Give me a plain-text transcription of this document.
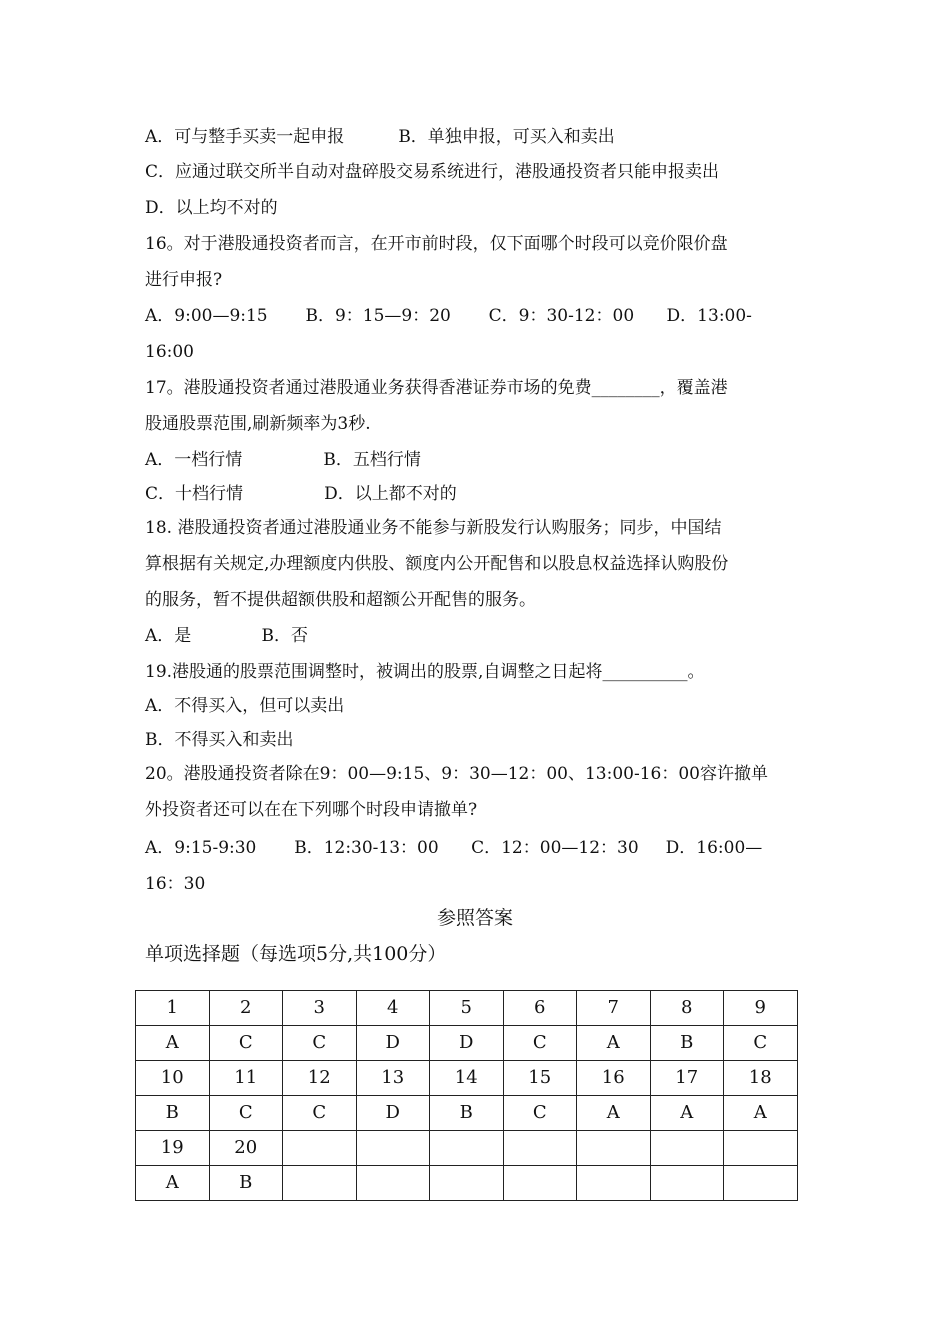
A．可与整手买卖一起申报          B．单独申报，可买入和卖出
C．应通过联交所半自动对盘碎股交易系统进行，港股通投资者只能申报卖出
D．以上均不对的
16。对于港股通投资者而言，在开市前时段，仅下面哪个时段可以竞价限价盘
进行申报?
A．9:00—9:15       B．9：15—9：20       C．9：30-12：00      D．13:00-
16:00
17。港股通投资者通过港股通业务获得香港证券市场的免费________，覆盖港
股通股票范围,刷新频率为3秒.
A．一档行情               B．五档行情
C．十档行情               D．以上都不对的
18. 港股通投资者通过港股通业务不能参与新股发行认购服务；同步，中国结
算根据有关规定,办理额度内供股、额度内公开配售和以股息权益选择认购股份
的服务，暂不提供超额供股和超额公开配售的服务。
A．是             B．否
19.港股通的股票范围调整时，被调出的股票,自调整之日起将__________。
A．不得买入，但可以卖出
B．不得买入和卖出
20。港股通投资者除在9：00—9:15、9：30—12：00、13:00-16：00容许撤单
外投资者还可以在在下列哪个时段申请撤单?
A．9:15-9:30       B．12:30-13：00      C．12：00—12：30     D．16:00—
16：30
参照答案
单项选择题（每选项5分,共100分）
1	2	3	4	5	6	7	8	9
A	C	C	D	D	C	A	B	C
10	11	12	13	14	15	16	17	18
B	C	C	D	B	C	A	A	A
19	20							
A	B							
